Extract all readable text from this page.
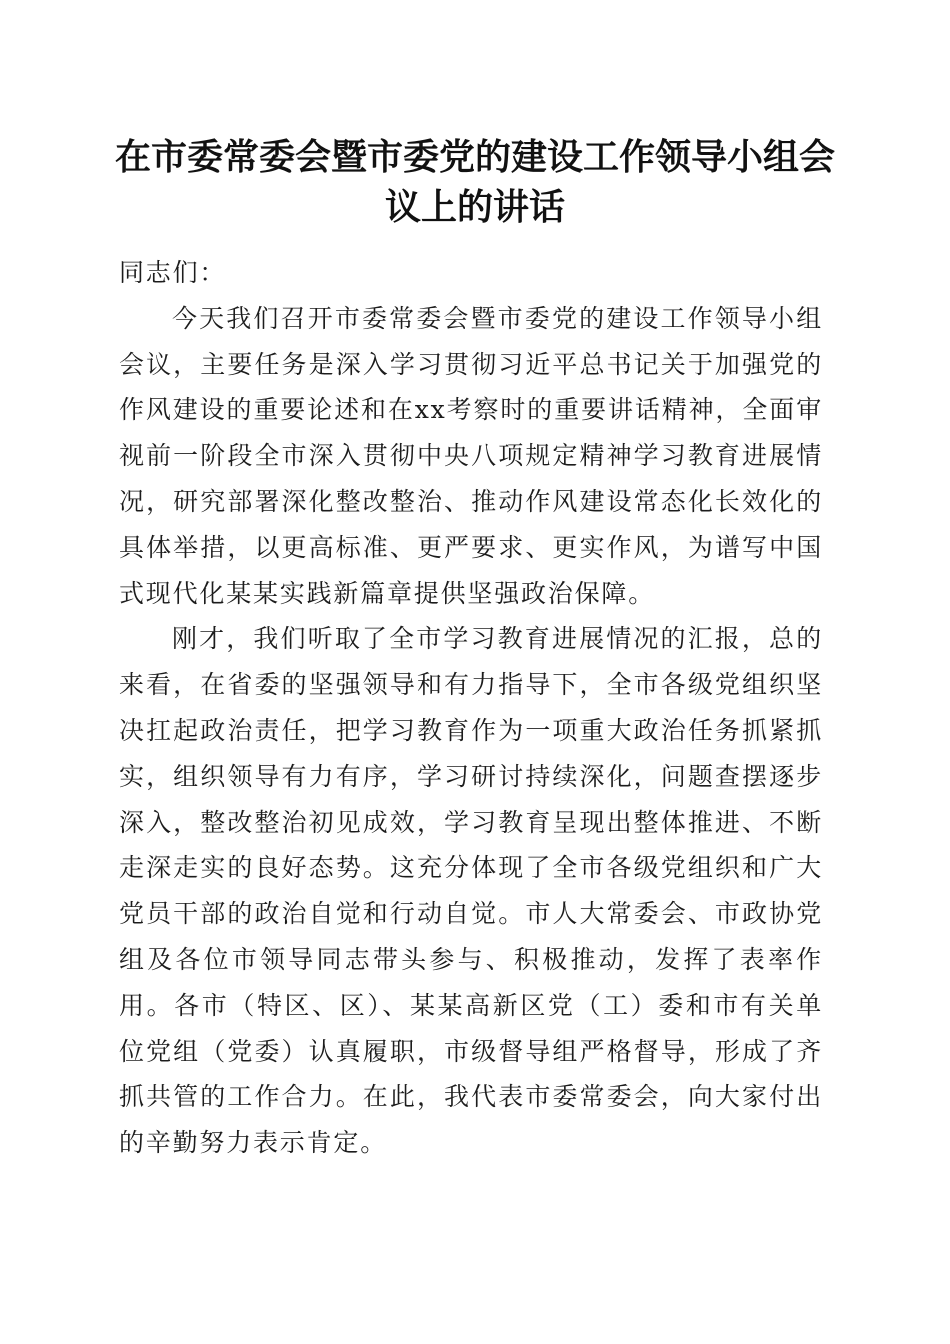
在市委常委会暨市委党的建设工作领导小组会
议上的讲话

同志们：

今天我们召开市委常委会暨市委党的建设工作领导小组会议，主要任务是深入学习贯彻习近平总书记关于加强党的作风建设的重要论述和在xx考察时的重要讲话精神，全面审视前一阶段全市深入贯彻中央八项规定精神学习教育进展情况，研究部署深化整改整治、推动作风建设常态化长效化的具体举措，以更高标准、更严要求、更实作风，为谱写中国式现代化某某实践新篇章提供坚强政治保障。

刚才，我们听取了全市学习教育进展情况的汇报，总的来看，在省委的坚强领导和有力指导下，全市各级党组织坚决扛起政治责任，把学习教育作为一项重大政治任务抓紧抓实，组织领导有力有序，学习研讨持续深化，问题查摆逐步深入，整改整治初见成效，学习教育呈现出整体推进、不断走深走实的良好态势。这充分体现了全市各级党组织和广大党员干部的政治自觉和行动自觉。市人大常委会、市政协党组及各位市领导同志带头参与、积极推动，发挥了表率作用。各市（特区、区）、某某高新区党（工）委和市有关单位党组（党委）认真履职，市级督导组严格督导，形成了齐抓共管的工作合力。在此，我代表市委常委会，向大家付出的辛勤努力表示肯定。
